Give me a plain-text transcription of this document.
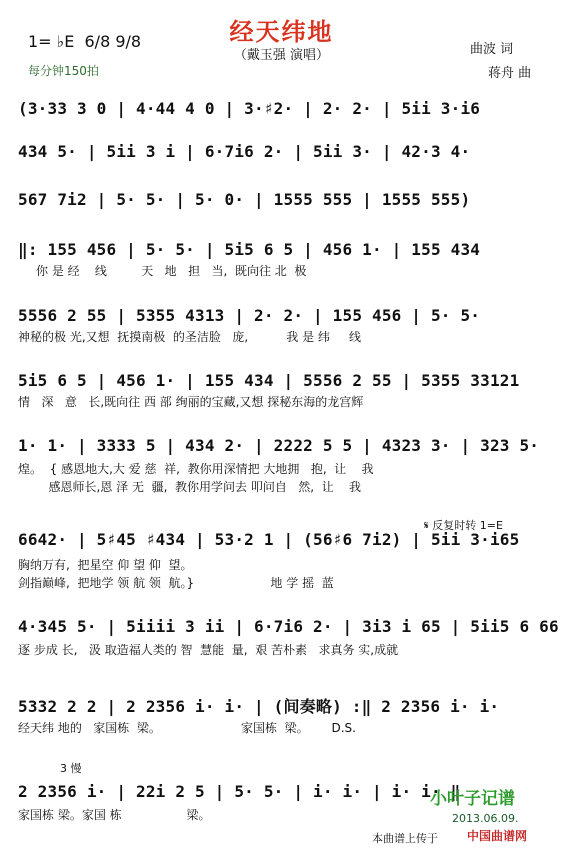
经天纬地
（戴玉强 演唱）
1= ♭E  6/8 9/8
每分钟150拍
曲波 词
蒋舟 曲
(3·33 3 0 | 4·44 4 0 | 3·♯2· | 2· 2· | 5ii 3·i6
434 5· | 5ii 3 i | 6·7i6 2· | 5ii 3· | 42·3 4·
567 7i2 | 5· 5· | 5· 0· | 1555 555 | 1555 555)
‖: 155 456 | 5· 5· | 5i5 6 5 | 456 1· | 155 434
你 是 经    线         天   地   担   当,  既向往 北  极
5556 2 55 | 5355 4313 | 2· 2· | 155 456 | 5· 5·
神秘的极 光,又想  抚摸南极  的圣洁脸   庞,          我 是 纬     线
5i5 6 5 | 456 1· | 155 434 | 5556 2 55 | 5355 33121
情   深   意   长,既向往 西 部 绚丽的宝藏,又想 探秘东海的龙宫辉
1· 1· | 3333 5 | 434 2· | 2222 5 5 | 4323 3· | 323 5·
煌。  { 感恩地大,大 爱 慈  祥,  教你用深情把 大地拥   抱,  让    我
感恩师长,恩 泽 无  疆,  教你用学问去 叩问自   然,  让    我

𝄋 反复时转 1=E

6642· | 5♯45 ♯434 | 53·2 1 | (56♯6 7i2) | 5ii 3·i65
胸纳万有,  把星空 仰 望 仰  望。
剑指巅峰,  把地学 领 航 领  航。}                    地 学 摇  蓝
4·345 5· | 5iiii 3 ii | 6·7i6 2· | 3i3 i 65 | 5ii5 6 66
逐 步成 长,   汲 取造福人类的 智  慧能  量,  艰 苦朴素   求真务 实,成就
5332 2 2 | 2 2356 i· i· | (间奏略) :‖ 2 2356 i· i·
经天纬 地的   家国栋  梁。                     家国栋  梁。      D.S.
3 慢
2 2356 i· | 22i 2 5 | 5· 5· | i· i· | i· i· ‖
家国栋 梁。家国 栋                 梁。
小叶子记谱
2013.06.09.
本曲谱上传于 中国曲谱网
